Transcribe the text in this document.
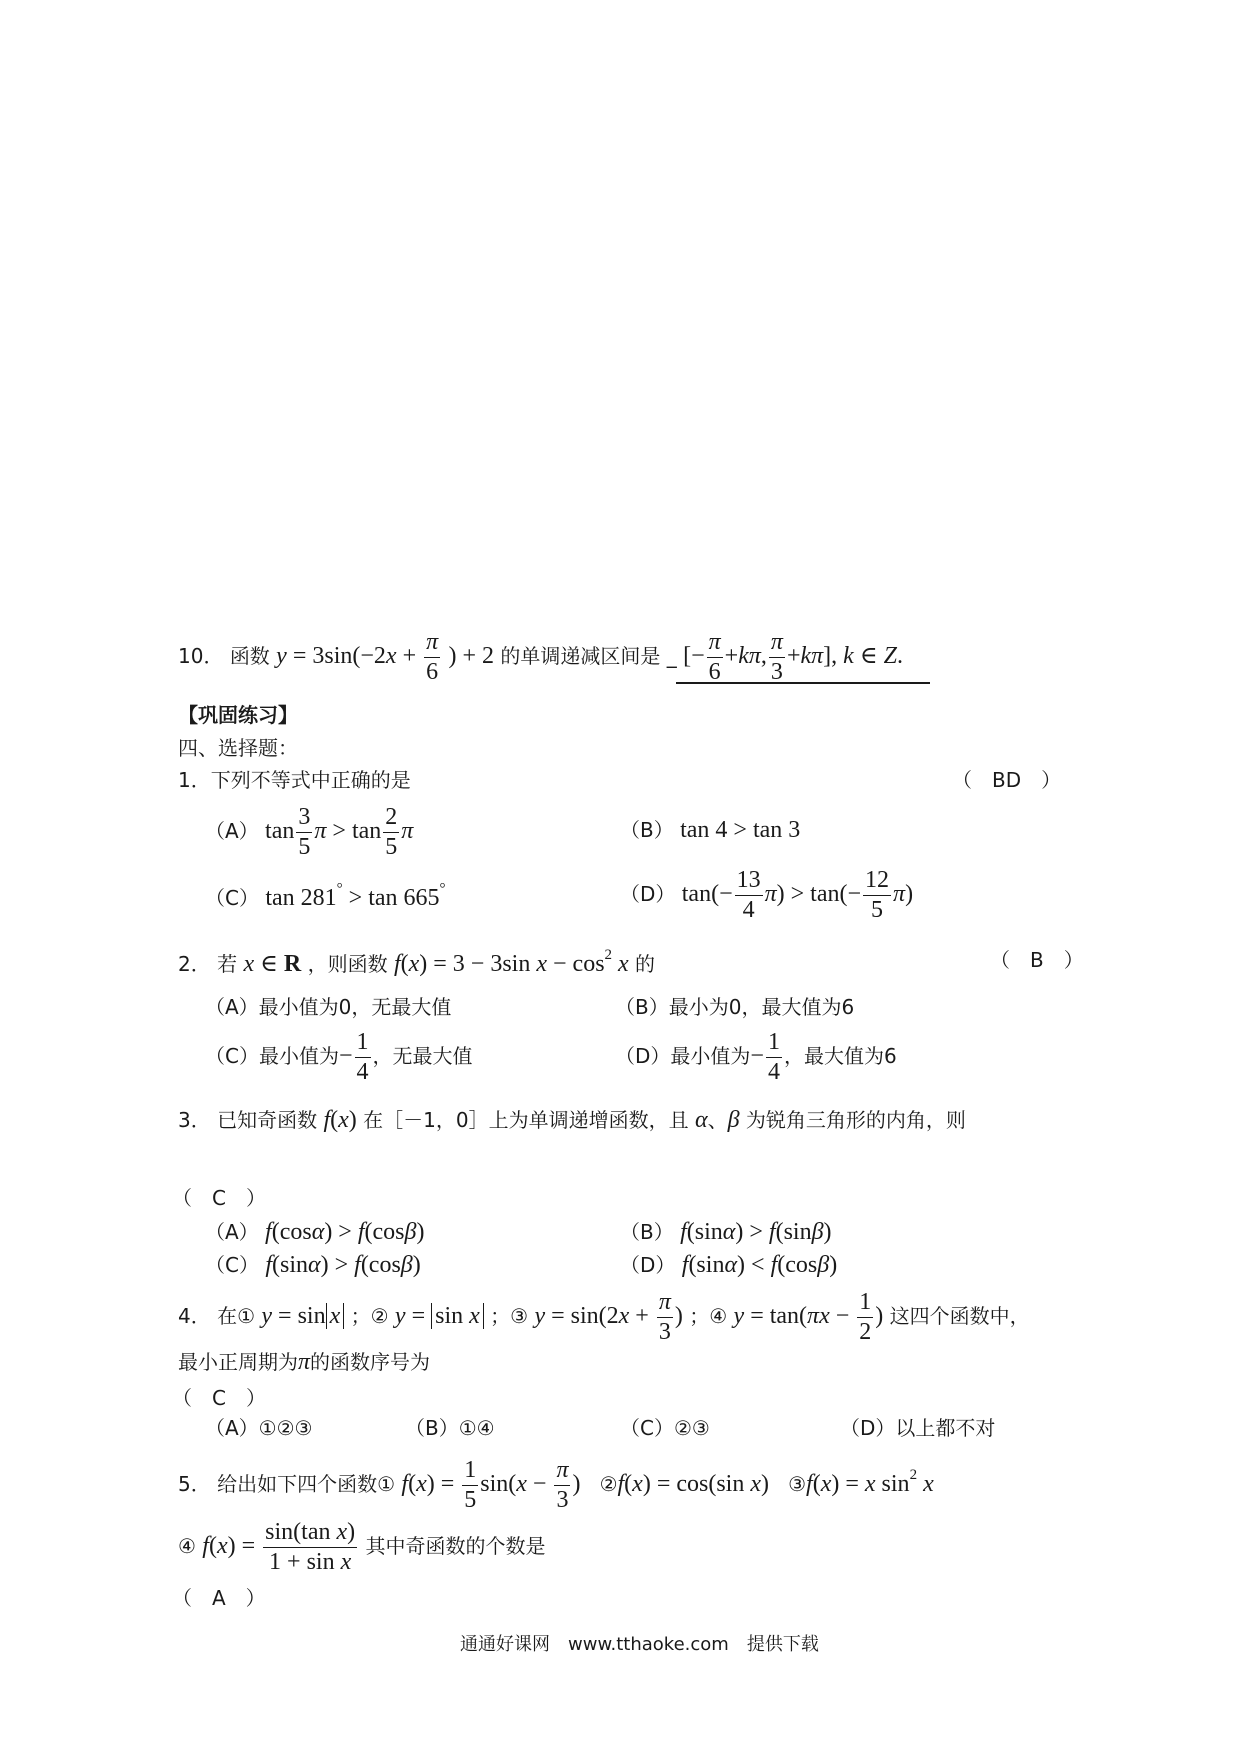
10． 函数 $y = 3\sin(-2x + \frac{\pi}{6}$ ) + 2 的单调递减区间是 _ [− $\frac{\pi}{6} +k\pi$, $\frac{\pi}{3} +k\pi$], k ∈ Z.
【巩固练习】
四、选择题：
1．下列不等式中正确的是	（　BD　）
（A） $\tan \frac{3}{5}$ $\pi > \tan \frac{2}{5}$ π	（B） tan 4 > tan 3
（C） tan 281° > tan 665°	（D） $\tan(- \frac{13}{4} \pi) > \tan(- \frac{12}{5} \pi)$
2． 若 x ∈ R ，则函数 f(x) = 3 − 3sin $x - \cos^2 x$ 的	（　B　）
（A）最小值为0，无最大值	（B）最小为0，最大值为6
（C）最小值为− $\frac{1}{4}$ ，无最大值	（D）最小值为− $\frac{1}{4}$ ，最大值为6
3． 已知奇函数 f(x) 在［－1，0］上为单调递增函数，且 α、β 为锐角三角形的内角，则
（　C　）
（A） f(cosα) > f(cosβ)	（B） f(sinα) > f(sinβ)
（C） f(sinα) > f(cosβ)	（D） f(sinα) < f(cosβ)
4． 在① y = sin x ；② y = sin x ；③ $y = \sin(2x + \frac{\pi}{3}$ ) ；④ $y = \tan(\pi x - \frac{1}{2}$ ) 这四个函数中，
最小正周期为π的函数序号为
（　C　）
（A）①②③	（B）①④	（C）②③	（D）以上都不对
5． 给出如下四个函数① $f(x) = \frac{1}{5} \sin(x - \frac{\pi}{3}$ ) ②f(x) = cos(sin x) ③f(x) = x $\sin^2 x$
④ $f(x) = \frac{\text{sin(tan x)}}{\text{1 + sin x}}$ 其中奇函数的个数是
（　A　）
通通好课网　www.tthaoke.com　提供下载
